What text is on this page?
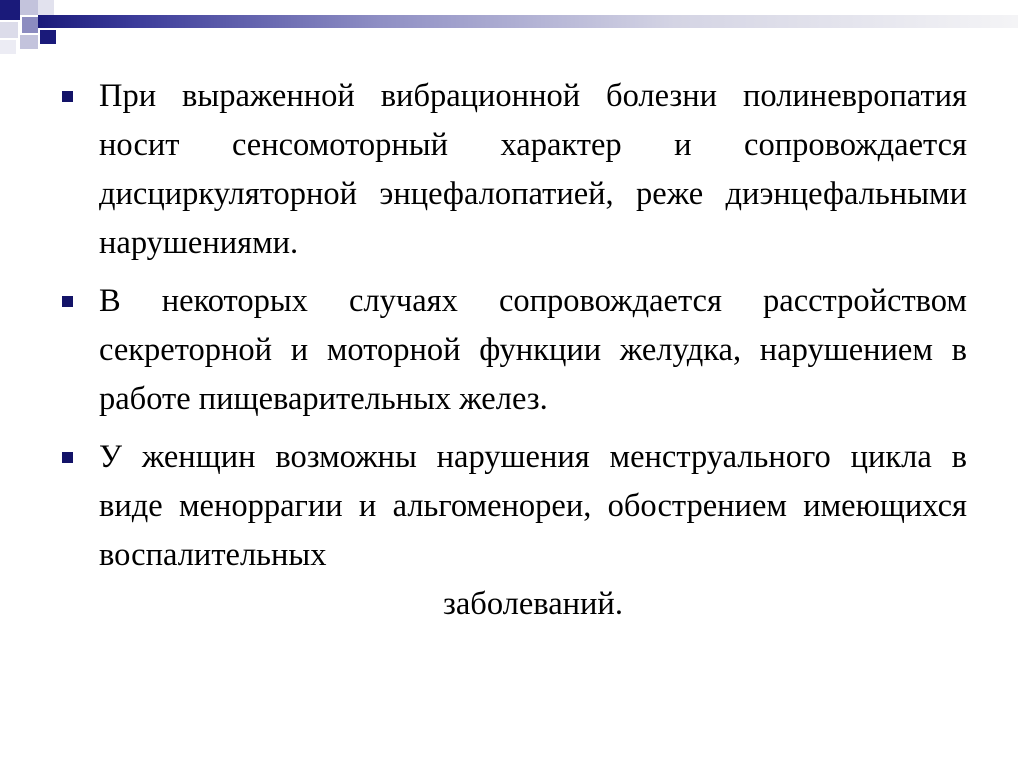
При выраженной вибрационной болезни полиневропатия носит сенсомоторный характер и сопровождается дисциркуляторной энцефалопатией, реже диэнцефальными нарушениями.
В некоторых случаях сопровождается расстройством секреторной и моторной функции желудка, нарушением в работе пищеварительных желез.
У женщин возможны нарушения менструального цикла в виде меноррагии и альгоменореи, обострением имеющихся воспалительных
заболеваний.
